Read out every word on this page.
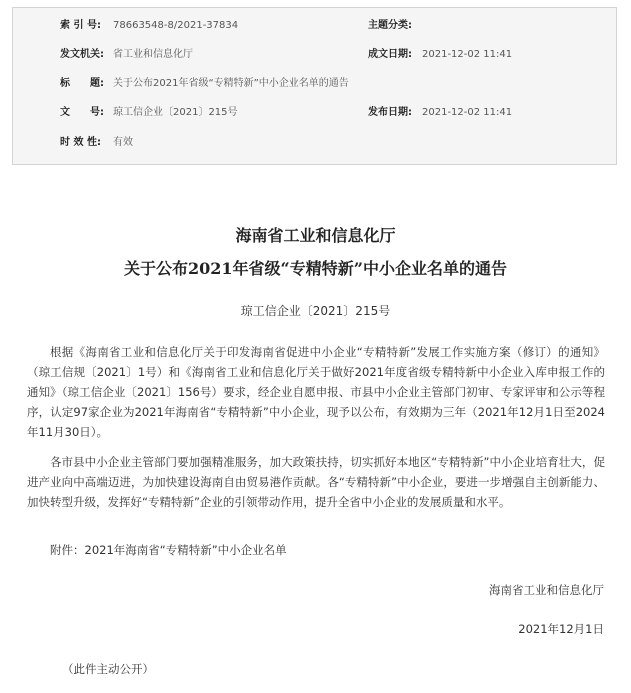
索 引 号: 78663548-8/2021-37834	主题分类:
发文机关: 省工业和信息化厅	成文日期: 2021-12-02 11:41
标　　题: 关于公布2021年省级“专精特新”中小企业名单的通告
文　　号: 琼工信企业〔2021〕215号	发布日期: 2021-12-02 11:41
时 效 性: 有效
海南省工业和信息化厅
关于公布2021年省级“专精特新”中小企业名单的通告
琼工信企业〔2021〕215号
根据《海南省工业和信息化厅关于印发海南省促进中小企业“专精特新”发展工作实施方案（修订）的通知》（琼工信规〔2021〕1号）和《海南省工业和信息化厅关于做好2021年度省级专精特新中小企业入库申报工作的通知》（琼工信企业〔2021〕156号）要求，经企业自愿申报、市县中小企业主管部门初审、专家评审和公示等程序，认定97家企业为2021年海南省“专精特新”中小企业，现予以公布，有效期为三年（2021年12月1日至2024年11月30日）。
各市县中小企业主管部门要加强精准服务，加大政策扶持，切实抓好本地区“专精特新”中小企业培育壮大，促进产业向中高端迈进，为加快建设海南自由贸易港作贡献。各“专精特新”中小企业，要进一步增强自主创新能力、加快转型升级，发挥好“专精特新”企业的引领带动作用，提升全省中小企业的发展质量和水平。
附件：2021年海南省“专精特新”中小企业名单
海南省工业和信息化厅
2021年12月1日
（此件主动公开）
